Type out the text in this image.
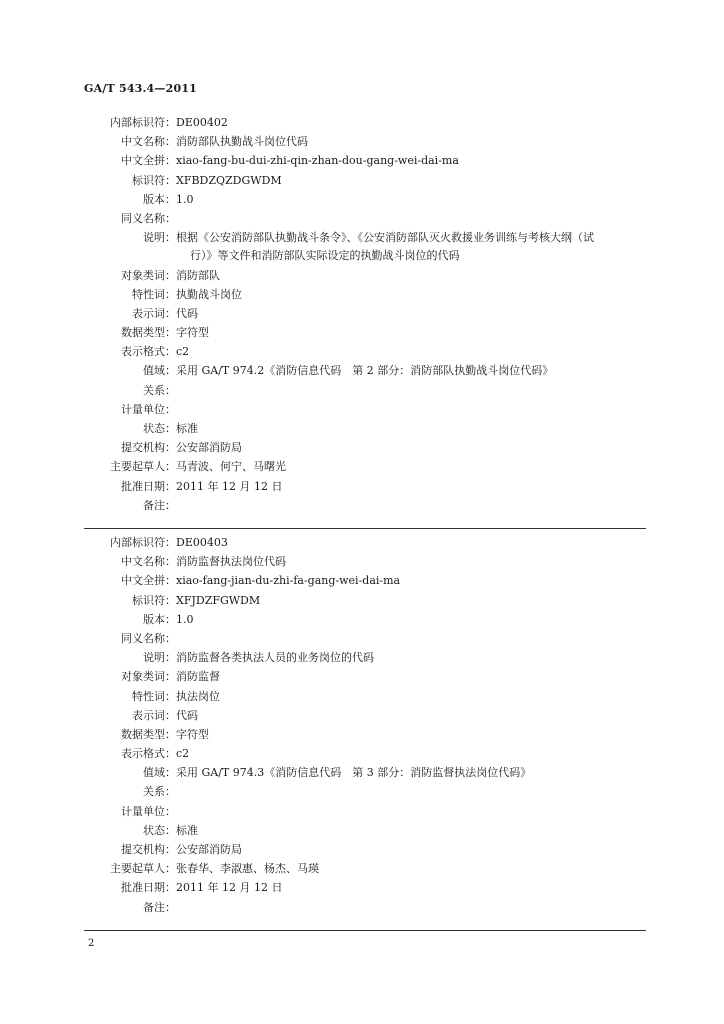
GA/T 543.4—2011
内部标识符： DE00402
中文名称： 消防部队执勤战斗岗位代码
中文全拼： xiao-fang-bu-dui-zhi-qin-zhan-dou-gang-wei-dai-ma
标识符： XFBDZQZDGWDM
版本： 1.0
同义名称：
说明： 根据《公安消防部队执勤战斗条令》、《公安消防部队灭火救援业务训练与考核大纲（试
行）》等文件和消防部队实际设定的执勤战斗岗位的代码
对象类词： 消防部队
特性词： 执勤战斗岗位
表示词： 代码
数据类型： 字符型
表示格式： c2
值域： 采用 GA/T 974.2《消防信息代码　第 2 部分：消防部队执勤战斗岗位代码》
关系：
计量单位：
状态： 标准
提交机构： 公安部消防局
主要起草人： 马青波、何宁、马曙光
批准日期： 2011 年 12 月 12 日
备注：
内部标识符： DE00403
中文名称： 消防监督执法岗位代码
中文全拼： xiao-fang-jian-du-zhi-fa-gang-wei-dai-ma
标识符： XFJDZFGWDM
版本： 1.0
同义名称：
说明： 消防监督各类执法人员的业务岗位的代码
对象类词： 消防监督
特性词： 执法岗位
表示词： 代码
数据类型： 字符型
表示格式： c2
值域： 采用 GA/T 974.3《消防信息代码　第 3 部分：消防监督执法岗位代码》
关系：
计量单位：
状态： 标准
提交机构： 公安部消防局
主要起草人： 张春华、李淑惠、杨杰、马瑛
批准日期： 2011 年 12 月 12 日
备注：
2
